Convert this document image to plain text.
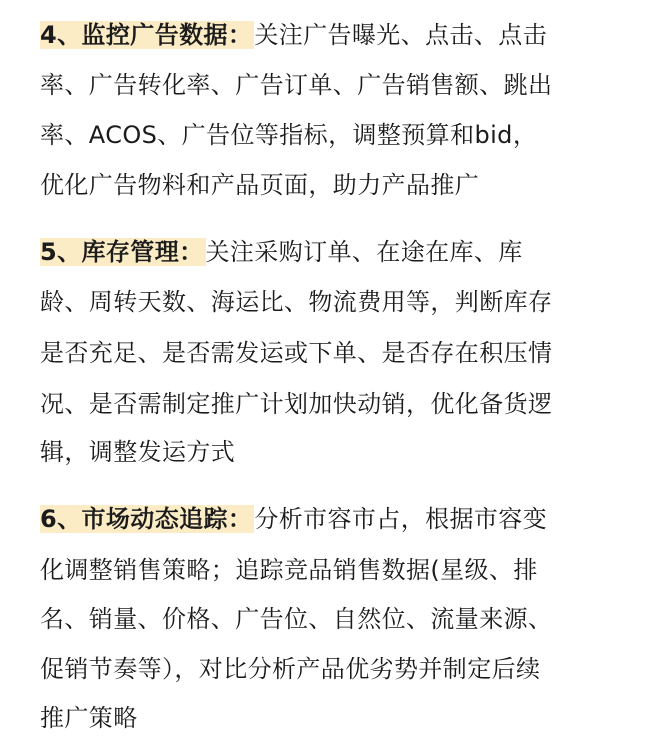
4、监控广告数据：关注广告曝光、点击、点击
率、广告转化率、广告订单、广告销售额、跳出
率、ACOS、广告位等指标，调整预算和bid，
优化广告物料和产品页面，助力产品推广
5、库存管理：关注采购订单、在途在库、库
龄、周转天数、海运比、物流费用等，判断库存
是否充足、是否需发运或下单、是否存在积压情
况、是否需制定推广计划加快动销，优化备货逻
辑，调整发运方式
6、市场动态追踪：分析市容市占，根据市容变
化调整销售策略；追踪竞品销售数据(星级、排
名、销量、价格、广告位、自然位、流量来源、
促销节奏等），对比分析产品优劣势并制定后续
推广策略
